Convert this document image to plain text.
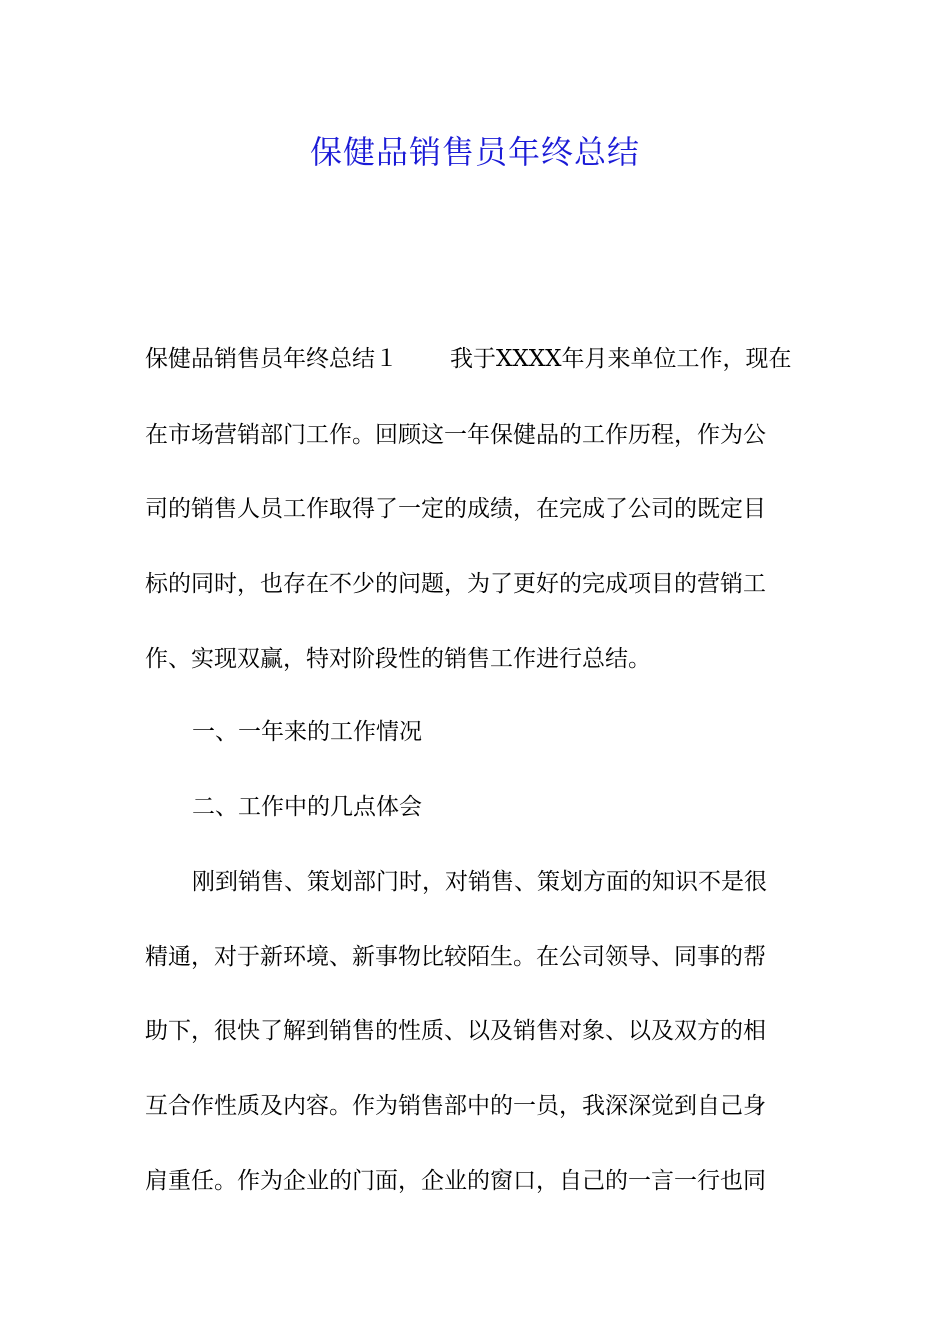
保健品销售员年终总结
保健品销售员年终总结１ 我于XXXX年月来单位工作，现在
在市场营销部门工作。回顾这一年保健品的工作历程，作为公
司的销售人员工作取得了一定的成绩，在完成了公司的既定目
标的同时，也存在不少的问题，为了更好的完成项目的营销工
作、实现双赢，特对阶段性的销售工作进行总结。
一、一年来的工作情况
二、工作中的几点体会
刚到销售、策划部门时，对销售、策划方面的知识不是很
精通，对于新环境、新事物比较陌生。在公司领导、同事的帮
助下，很快了解到销售的性质、以及销售对象、以及双方的相
互合作性质及内容。作为销售部中的一员，我深深觉到自己身
肩重任。作为企业的门面，企业的窗口，自己的一言一行也同
